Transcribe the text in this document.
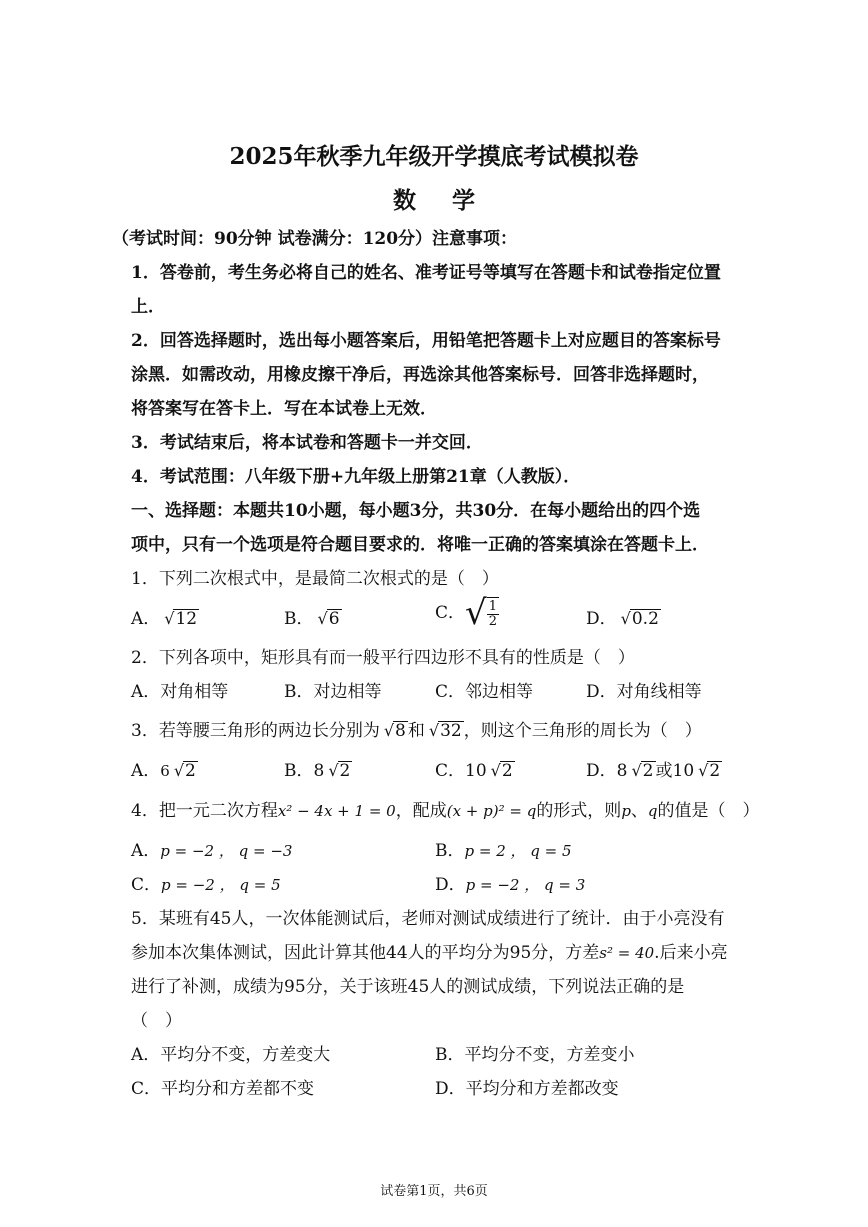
2025年秋季九年级开学摸底考试模拟卷
数 学
（考试时间：90分钟 试卷满分：120分）注意事项：
1．答卷前，考生务必将自己的姓名、准考证号等填写在答题卡和试卷指定位置
上．
2．回答选择题时，选出每小题答案后，用铅笔把答题卡上对应题目的答案标号
涂黑．如需改动，用橡皮擦干净后，再选涂其他答案标号．回答非选择题时，
将答案写在答卡上．写在本试卷上无效．
3．考试结束后，将本试卷和答题卡一并交回．
4．考试范围：八年级下册+九年级上册第21章（人教版）．
一、选择题：本题共10小题，每小题3分，共30分．在每小题给出的四个选
项中，只有一个选项是符合题目要求的．将唯一正确的答案填涂在答题卡上．
1．下列二次根式中，是最简二次根式的是（　）
A． √12	B． √6	C．√ $\frac{1}{2}$	D． √0.2
2．下列各项中，矩形具有而一般平行四边形不具有的性质是（　）
A．对角相等	B．对边相等	C．邻边相等	D．对角线相等
3．若等腰三角形的两边长分别为 √8 和 √32 ，则这个三角形的周长为（　）
A．6 √2	B．8 √2	C．10 √2	D．8 √2 或10 √2
4．把一元二次方程x² − 4x + 1 = 0，配成(x + p)² = q的形式，则p、q的值是（　）
A．p = −2 ， q = −3	B．p = 2 ， q = 5
C．p = −2 ， q = 5	D．p = −2 ， q = 3
5．某班有45人，一次体能测试后，老师对测试成绩进行了统计．由于小亮没有
参加本次集体测试，因此计算其他44人的平均分为95分，方差s² = 40.后来小亮
进行了补测，成绩为95分，关于该班45人的测试成绩，下列说法正确的是
（　）
A．平均分不变，方差变大	B．平均分不变，方差变小
C．平均分和方差都不变	D．平均分和方差都改变
试卷第1页，共6页
